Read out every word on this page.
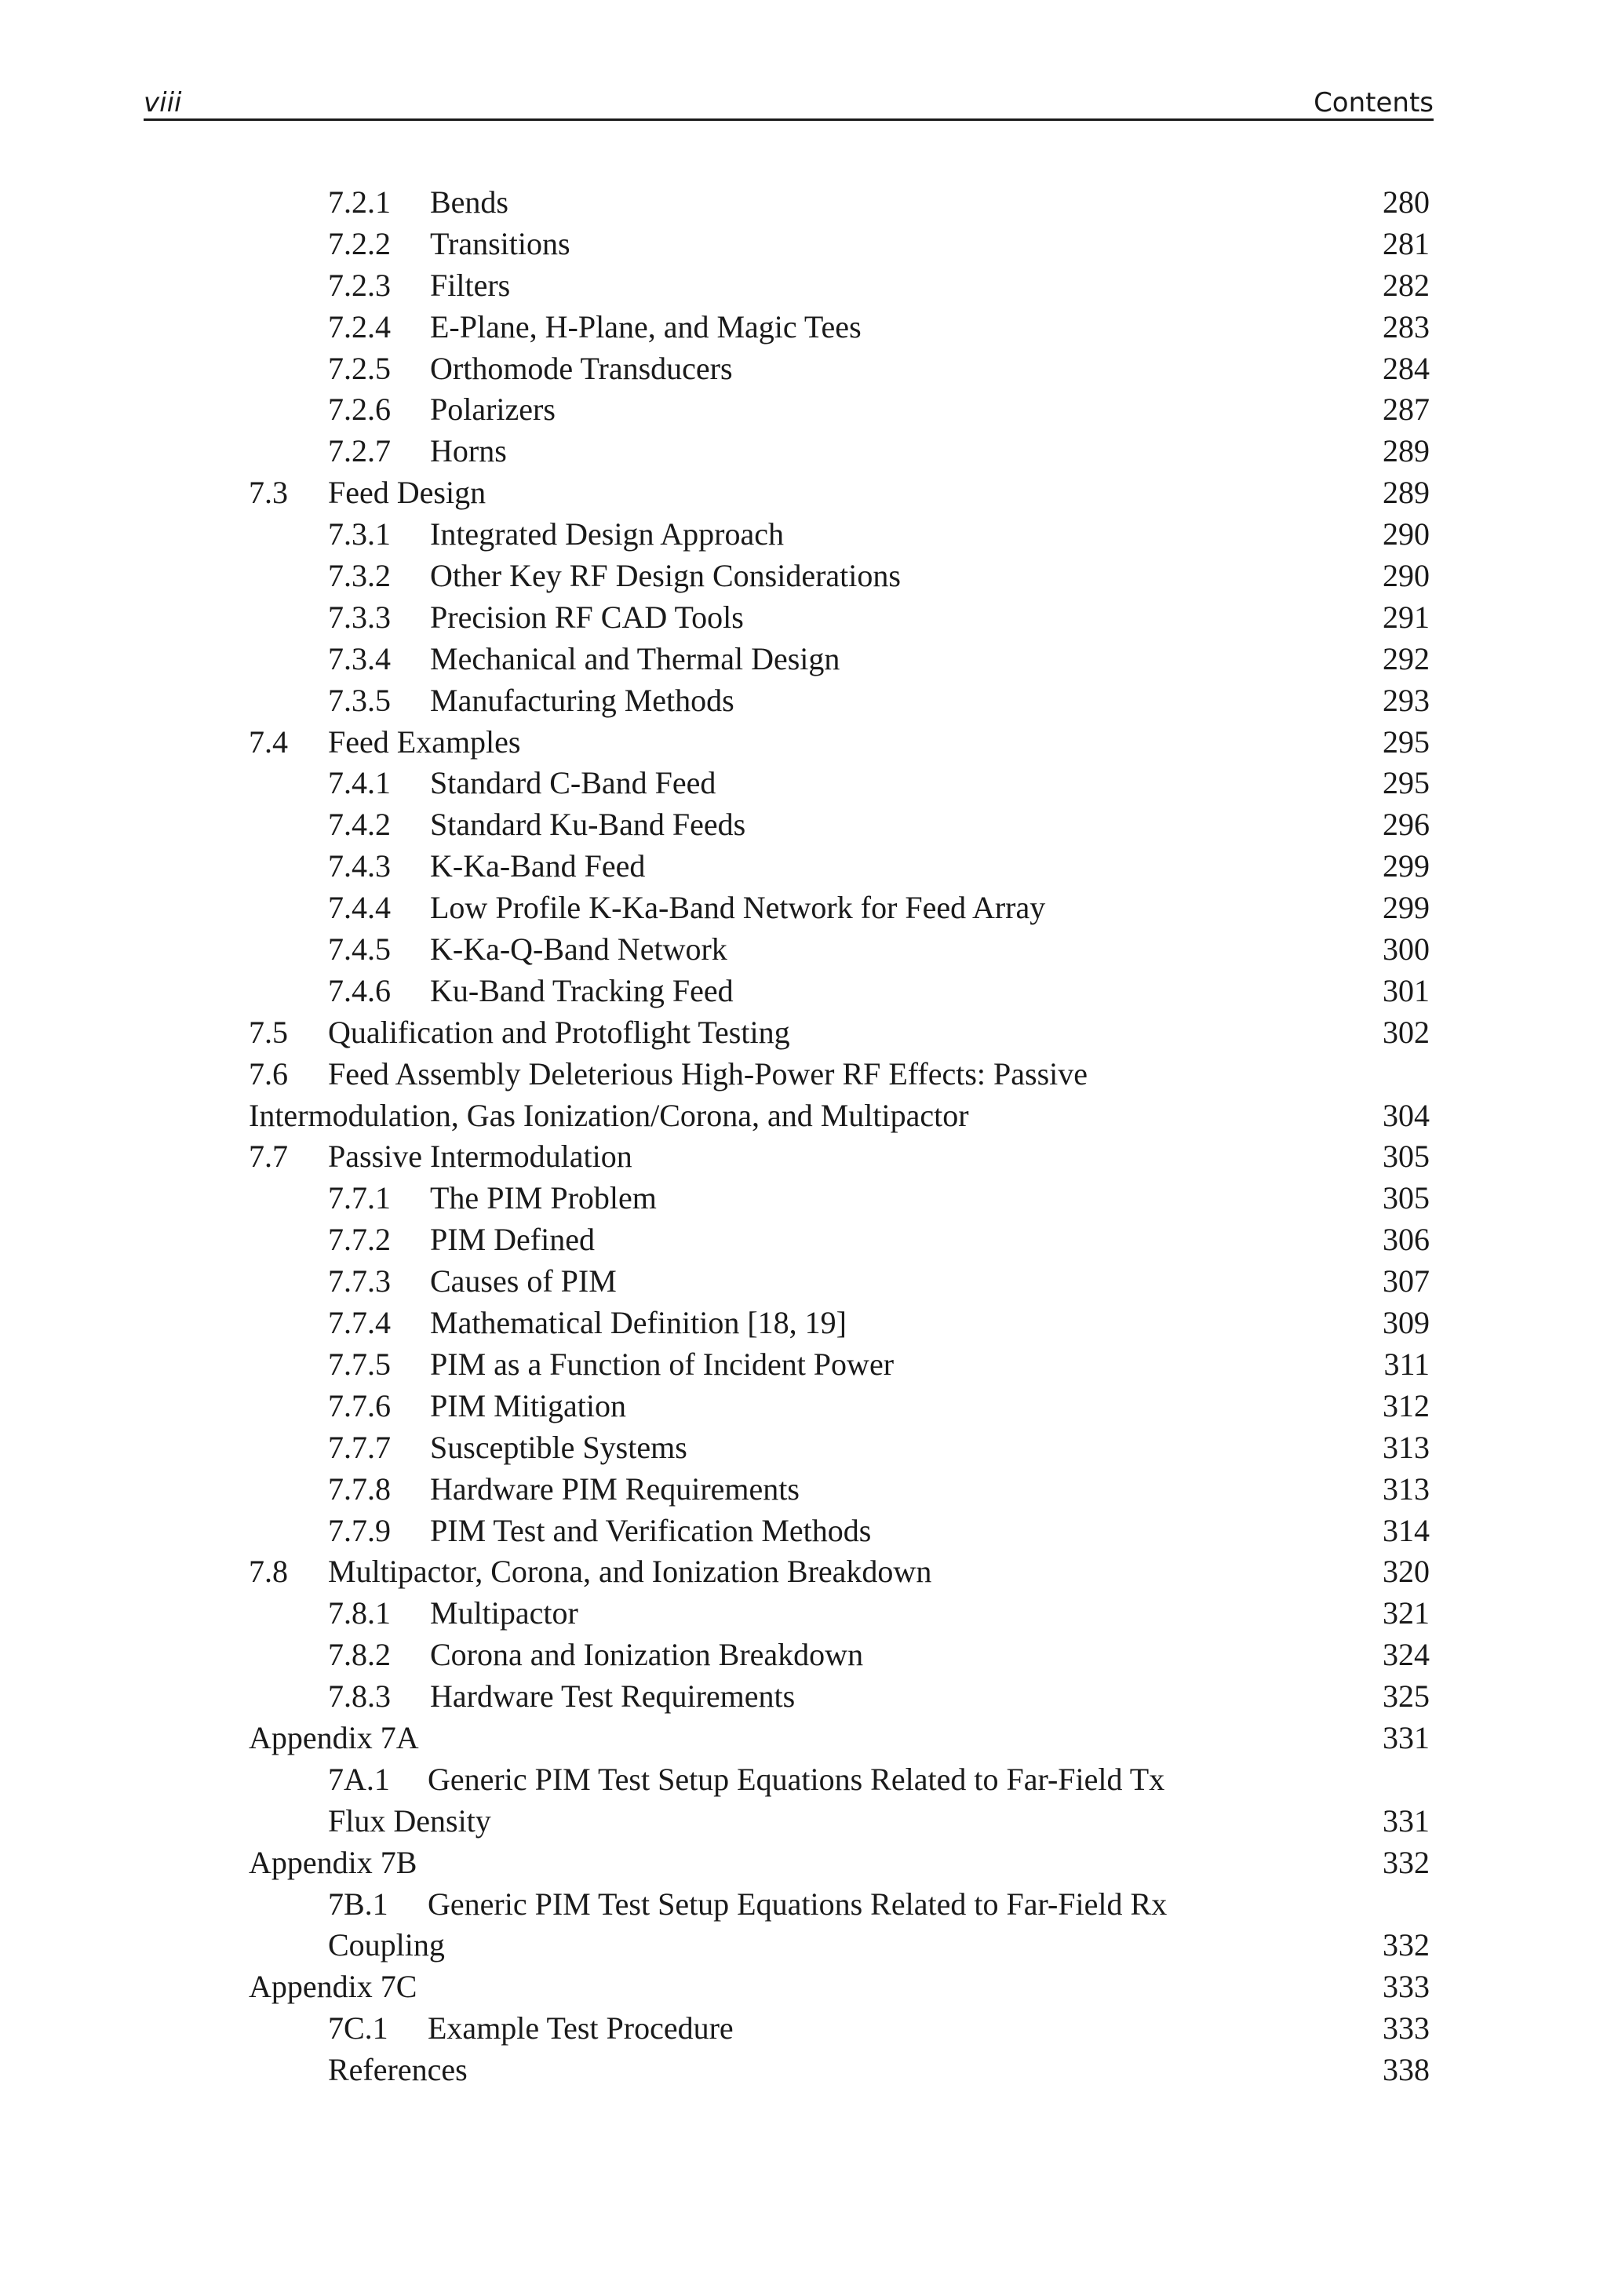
viii	Contents
7.2.1 Bends	280
7.2.2 Transitions	281
7.2.3 Filters	282
7.2.4 E-Plane, H-Plane, and Magic Tees	283
7.2.5 Orthomode Transducers	284
7.2.6 Polarizers	287
7.2.7 Horns	289
7.3 Feed Design	289
7.3.1 Integrated Design Approach	290
7.3.2 Other Key RF Design Considerations	290
7.3.3 Precision RF CAD Tools	291
7.3.4 Mechanical and Thermal Design	292
7.3.5 Manufacturing Methods	293
7.4 Feed Examples	295
7.4.1 Standard C-Band Feed	295
7.4.2 Standard Ku-Band Feeds	296
7.4.3 K-Ka-Band Feed	299
7.4.4 Low Profile K-Ka-Band Network for Feed Array	299
7.4.5 K-Ka-Q-Band Network	300
7.4.6 Ku-Band Tracking Feed	301
7.5 Qualification and Protoflight Testing	302
7.6 Feed Assembly Deleterious High-Power RF Effects: Passive
Intermodulation, Gas Ionization/Corona, and Multipactor	304
7.7 Passive Intermodulation	305
7.7.1 The PIM Problem	305
7.7.2 PIM Defined	306
7.7.3 Causes of PIM	307
7.7.4 Mathematical Definition [18, 19]	309
7.7.5 PIM as a Function of Incident Power	311
7.7.6 PIM Mitigation	312
7.7.7 Susceptible Systems	313
7.7.8 Hardware PIM Requirements	313
7.7.9 PIM Test and Verification Methods	314
7.8 Multipactor, Corona, and Ionization Breakdown	320
7.8.1 Multipactor	321
7.8.2 Corona and Ionization Breakdown	324
7.8.3 Hardware Test Requirements	325
Appendix 7A	331
7A.1 Generic PIM Test Setup Equations Related to Far-Field Tx
Flux Density	331
Appendix 7B	332
7B.1 Generic PIM Test Setup Equations Related to Far-Field Rx
Coupling	332
Appendix 7C	333
7C.1 Example Test Procedure	333
References	338
